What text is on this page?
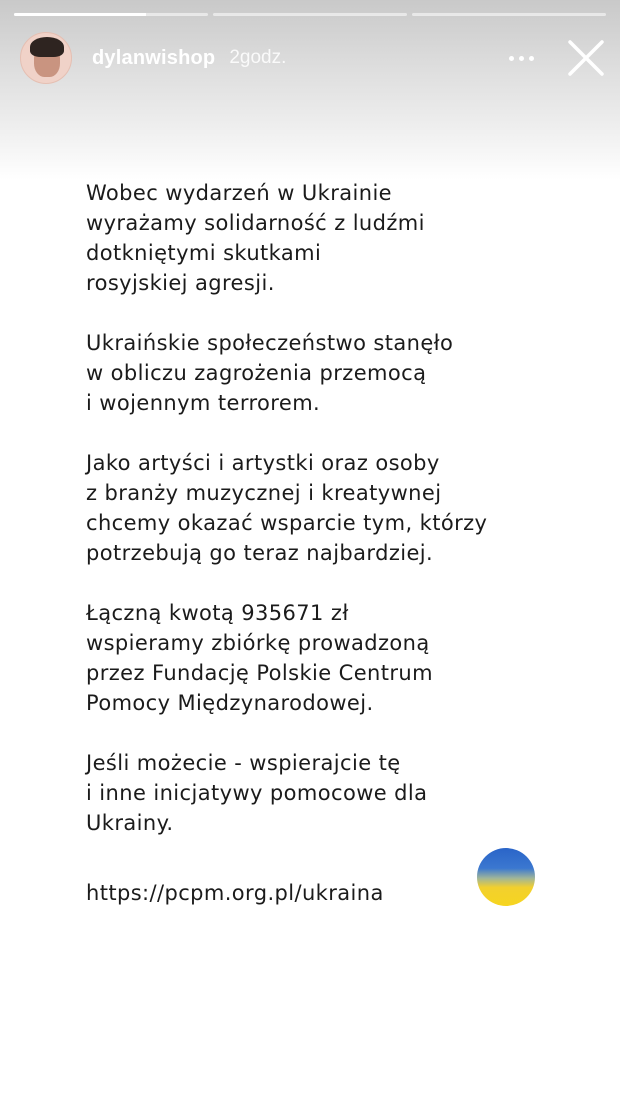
dylanwishop 2godz.
Wobec wydarzeń w Ukrainie
wyrażamy solidarność z ludźmi
dotkniętymi skutkami
rosyjskiej agresji.
Ukraińskie społeczeństwo stanęło
w obliczu zagrożenia przemocą
i wojennym terrorem.
Jako artyści i artystki oraz osoby
z branży muzycznej i kreatywnej
chcemy okazać wsparcie tym, którzy
potrzebują go teraz najbardziej.
Łączną kwotą 935671 zł
wspieramy zbiórkę prowadzoną
przez Fundację Polskie Centrum
Pomocy Międzynarodowej.
Jeśli możecie - wspierajcie tę
i inne inicjatywy pomocowe dla
Ukrainy.
https://pcpm.org.pl/ukraina
